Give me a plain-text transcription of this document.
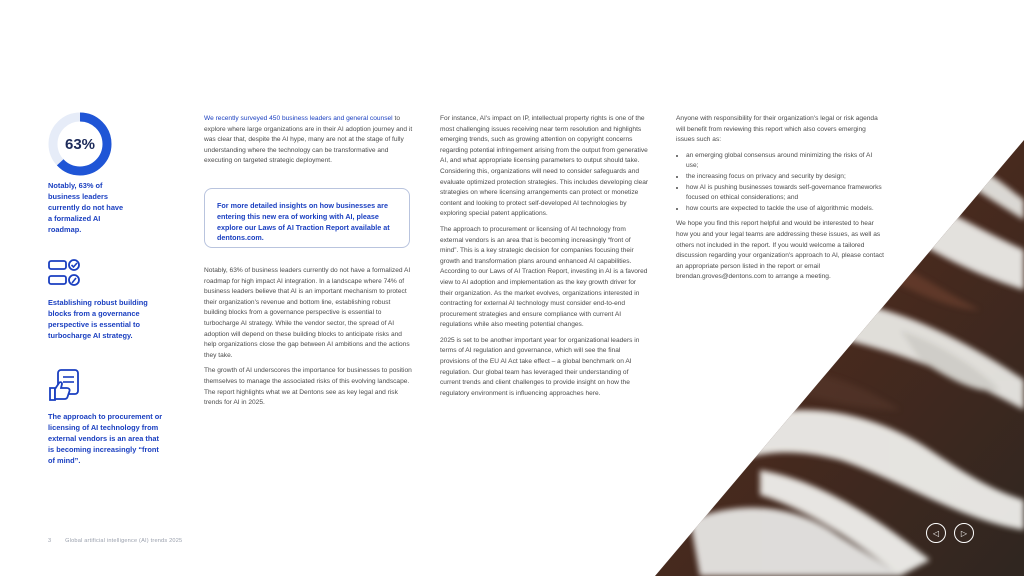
63%
Notably, 63% of business leaders currently do not have a formalized AI roadmap.
Establishing robust building blocks from a governance perspective is essential to turbocharge AI strategy.
The approach to procurement or licensing of AI technology from external vendors is an area that is becoming increasingly “front of mind”.

We recently surveyed 450 business leaders and general counsel to explore where large organizations are in their AI adoption journey and it was clear that, despite the AI hype, many are not at the stage of fully understanding where the technology can be transformative and executing on targeted strategic deployment.

For more detailed insights on how businesses are entering this new era of working with AI, please explore our Laws of AI Traction Report available at dentons.com.

Notably, 63% of business leaders currently do not have a formalized AI roadmap for high impact AI integration. In a landscape where 74% of business leaders believe that AI is an important mechanism to protect their organization's revenue and bottom line, establishing robust building blocks from a governance perspective is essential to turbocharge AI strategy. While the vendor sector, the spread of AI adoption will depend on these building blocks to anticipate risks and help organizations close the gap between AI ambitions and the actions they take.

The growth of AI underscores the importance for businesses to position themselves to manage the associated risks of this evolving landscape. The report highlights what we at Dentons see as key legal and risk trends for AI in 2025.

For instance, AI's impact on IP, intellectual property rights is one of the most challenging issues receiving near term resolution and highlights emerging trends, such as growing attention on copyright concerns regarding potential infringement arising from the output from generative AI, and what appropriate licensing parameters to output should take. Considering this, organizations will need to consider safeguards and evaluate optimized protection strategies. This includes developing clear strategies on where licensing arrangements can protect or monetize content and looking to protect self-developed AI technologies by exploring special patent applications.

The approach to procurement or licensing of AI technology from external vendors is an area that is becoming increasingly “front of mind”. This is a key strategic decision for companies focusing their growth and transformation plans around enhanced AI capabilities. According to our Laws of AI Traction Report, investing in AI is a favored view to AI adoption and implementation as the key growth driver for their organization. As the market evolves, organizations interested in contracting for external AI technology must consider end-to-end procurement strategies and ensure compliance with current AI regulations while also meeting potential changes.

2025 is set to be another important year for organizational leaders in terms of AI regulation and governance, which will see the final provisions of the EU AI Act take effect – a global benchmark on AI regulation. Our global team has leveraged their understanding of current trends and client challenges to provide insight on how the regulatory environment is influencing approaches here.

Anyone with responsibility for their organization's legal or risk agenda will benefit from reviewing this report which also covers emerging issues such as:

• an emerging global consensus around minimizing the risks of AI use;
• the increasing focus on privacy and security by design;
• how AI is pushing businesses towards self-governance frameworks focused on ethical considerations; and
• how courts are expected to tackle the use of algorithmic models.

We hope you find this report helpful and would be interested to hear how you and your legal teams are addressing these issues, as well as others not included in the report. If you would welcome a tailored discussion regarding your organization's approach to AI, please contact an appropriate person listed in the report or email brendan.groves@dentons.com to arrange a meeting.

3 Global artificial intelligence (AI) trends 2025
◁	▷
